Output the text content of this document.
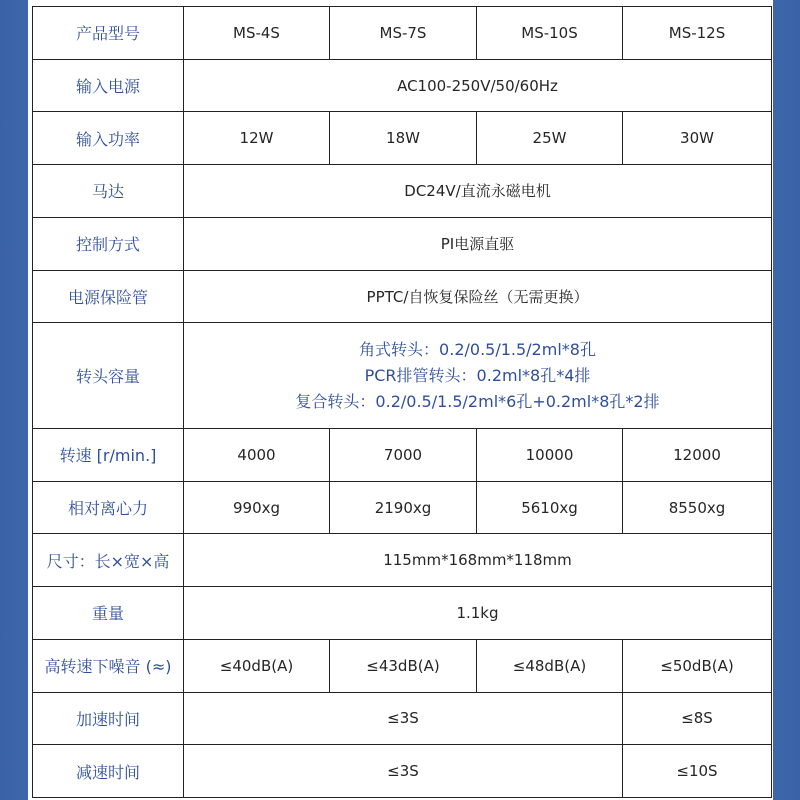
产品型号	MS-4S	MS-7S	MS-10S	MS-12S
输入电源	AC100-250V/50/60Hz			
输入功率	12W	18W	25W	30W
马达	DC24V/直流永磁电机			
控制方式	PI电源直驱			
电源保险管	PPTC/自恢复保险丝（无需更换）			
转头容量	角式转头：0.2/0.5/1.5/2ml*8孔
PCR排管转头：0.2ml*8孔*4排
复合转头：0.2/0.5/1.5/2ml*6孔+0.2ml*8孔*2排			

转速 [r/min.]	4000	7000	10000	12000
相对离心力	990xg	2190xg	5610xg	8550xg
尺寸：长×宽×高	115mm*168mm*118mm			
重量	1.1kg			
高转速下噪音 (≈)	≤40dB(A)	≤43dB(A)	≤48dB(A)	≤50dB(A)
加速时间	≤3S			≤8S
减速时间	≤3S			≤10S
